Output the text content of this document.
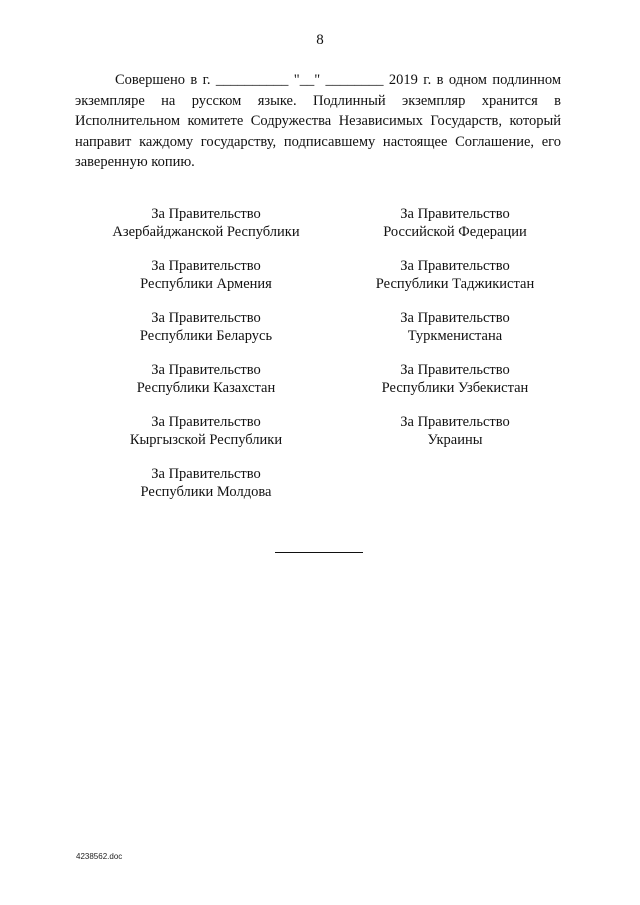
8
Совершено в г. __________ "__" ________ 2019 г. в одном подлинном экземпляре на русском языке. Подлинный экземпляр хранится в Исполнительном комитете Содружества Независимых Государств, который направит каждому государству, подписавшему настоящее Соглашение, его заверенную копию.
За Правительство
Азербайджанской Республики
За Правительство
Республики Армения
За Правительство
Республики Беларусь
За Правительство
Республики Казахстан
За Правительство
Кыргызской Республики
За Правительство
Республики Молдова
За Правительство
Российской Федерации
За Правительство
Республики Таджикистан
За Правительство
Туркменистана
За Правительство
Республики Узбекистан
За Правительство
Украины
4238562.doc
